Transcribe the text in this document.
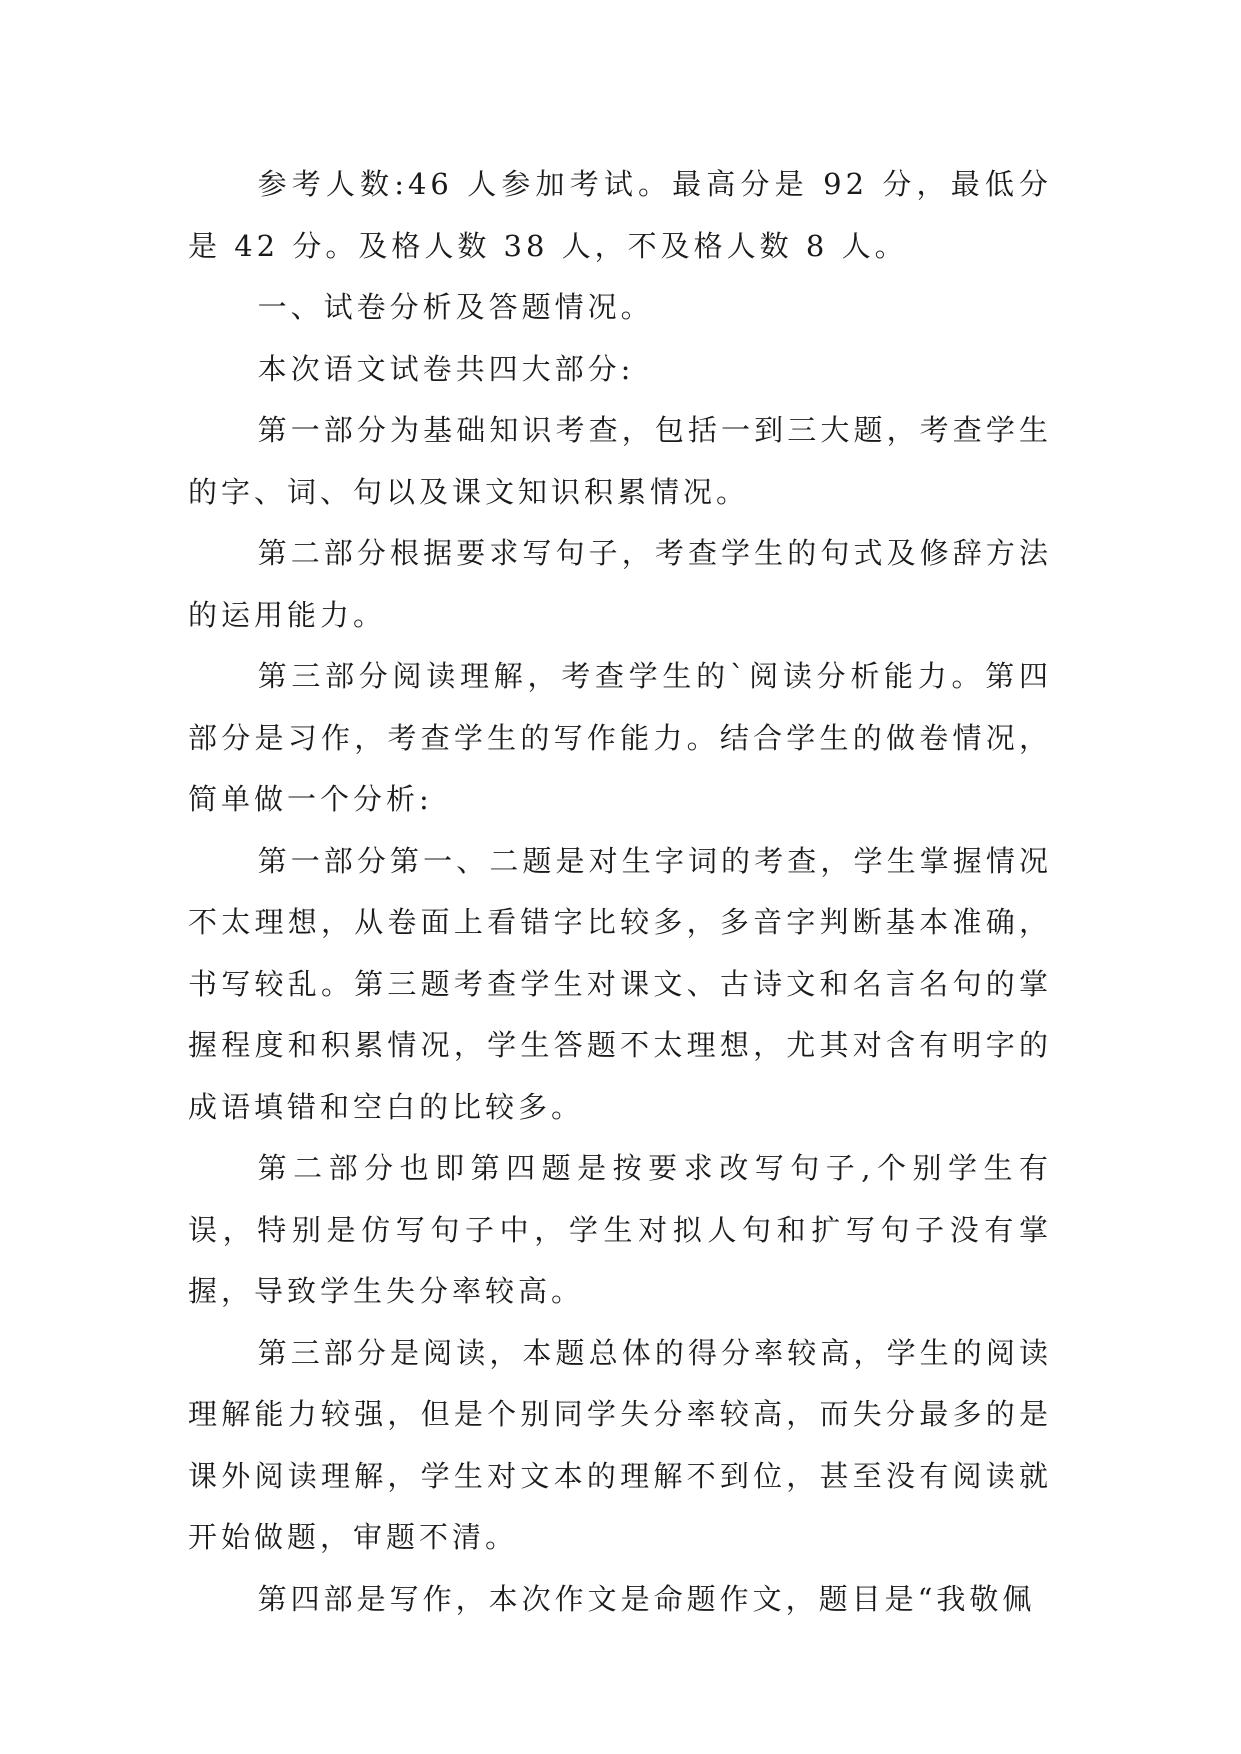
参考人数:46 人参加考试。最高分是 92 分，最低分是 42 分。及格人数 38 人，不及格人数 8 人。

一、试卷分析及答题情况。

本次语文试卷共四大部分:

第一部分为基础知识考查，包括一到三大题，考查学生的字、词、句以及课文知识积累情况。

第二部分根据要求写句子，考查学生的句式及修辞方法的运用能力。

第三部分阅读理解，考查学生的`阅读分析能力。第四部分是习作，考查学生的写作能力。结合学生的做卷情况，简单做一个分析:

第一部分第一、二题是对生字词的考查，学生掌握情况不太理想，从卷面上看错字比较多，多音字判断基本准确，书写较乱。第三题考查学生对课文、古诗文和名言名句的掌握程度和积累情况，学生答题不太理想，尤其对含有明字的成语填错和空白的比较多。

第二部分也即第四题是按要求改写句子,个别学生有误，特别是仿写句子中，学生对拟人句和扩写句子没有掌握，导致学生失分率较高。

第三部分是阅读，本题总体的得分率较高，学生的阅读理解能力较强，但是个别同学失分率较高，而失分最多的是课外阅读理解，学生对文本的理解不到位，甚至没有阅读就开始做题，审题不清。

第四部是写作，本次作文是命题作文，题目是“我敬佩
